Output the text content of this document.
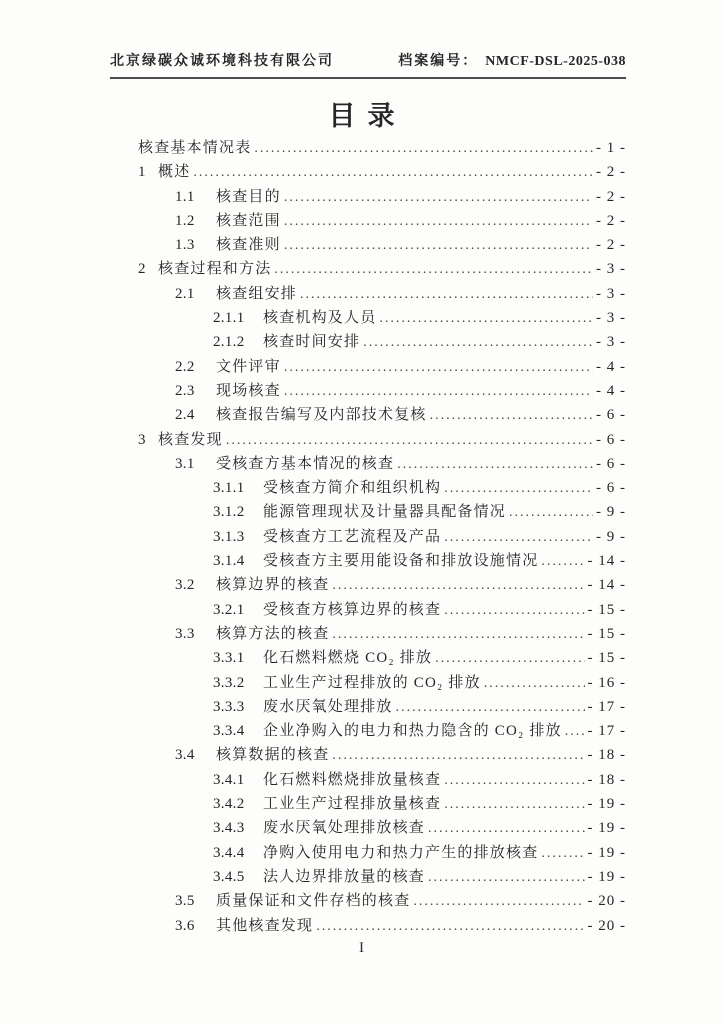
北京绿碳众诚环境科技有限公司	档案编号： NMCF-DSL-2025-038
目录
核查基本情况表 .....	- 1 -
1 概述 .....	- 2 -
1.1	核查目的 .....	- 2 -
1.2	核查范围 .....	- 2 -
1.3	核查准则 .....	- 2 -
2 核查过程和方法 .....	- 3 -
2.1	核查组安排 .....	- 3 -
2.1.1	核查机构及人员 .....	- 3 -
2.1.2	核查时间安排 .....	- 3 -
2.2	文件评审 .....	- 4 -
2.3	现场核查 .....	- 4 -
2.4	核查报告编写及内部技术复核 .....	- 6 -
3 核查发现 .....	- 6 -
3.1	受核查方基本情况的核查 .....	- 6 -
3.1.1	受核查方简介和组织机构 .....	- 6 -
3.1.2	能源管理现状及计量器具配备情况 .....	- 9 -
3.1.3	受核查方工艺流程及产品 .....	- 9 -
3.1.4	受核查方主要用能设备和排放设施情况 .....	- 14 -
3.2	核算边界的核查 .....	- 14 -
3.2.1	受核查方核算边界的核查 .....	- 15 -
3.3	核算方法的核查 .....	- 15 -
3.3.1	化石燃料燃烧 CO₂ 排放 .....	- 15 -
3.3.2	工业生产过程排放的 CO₂ 排放 .....	- 16 -
3.3.3	废水厌氧处理排放 .....	- 17 -
3.3.4	企业净购入的电力和热力隐含的 CO₂ 排放 ..... - 17 -
3.4	核算数据的核查 .....	- 18 -
3.4.1	化石燃料燃烧排放量核查 .....	- 18 -
3.4.2	工业生产过程排放量核查 .....	- 19 -
3.4.3	废水厌氧处理排放核查 .....	- 19 -
3.4.4	净购入使用电力和热力产生的排放核查 .....	- 19 -
3.4.5	法人边界排放量的核查 .....	- 19 -
3.5	质量保证和文件存档的核查 .....	- 20 -
3.6	其他核查发现 .....	- 20 -
I
